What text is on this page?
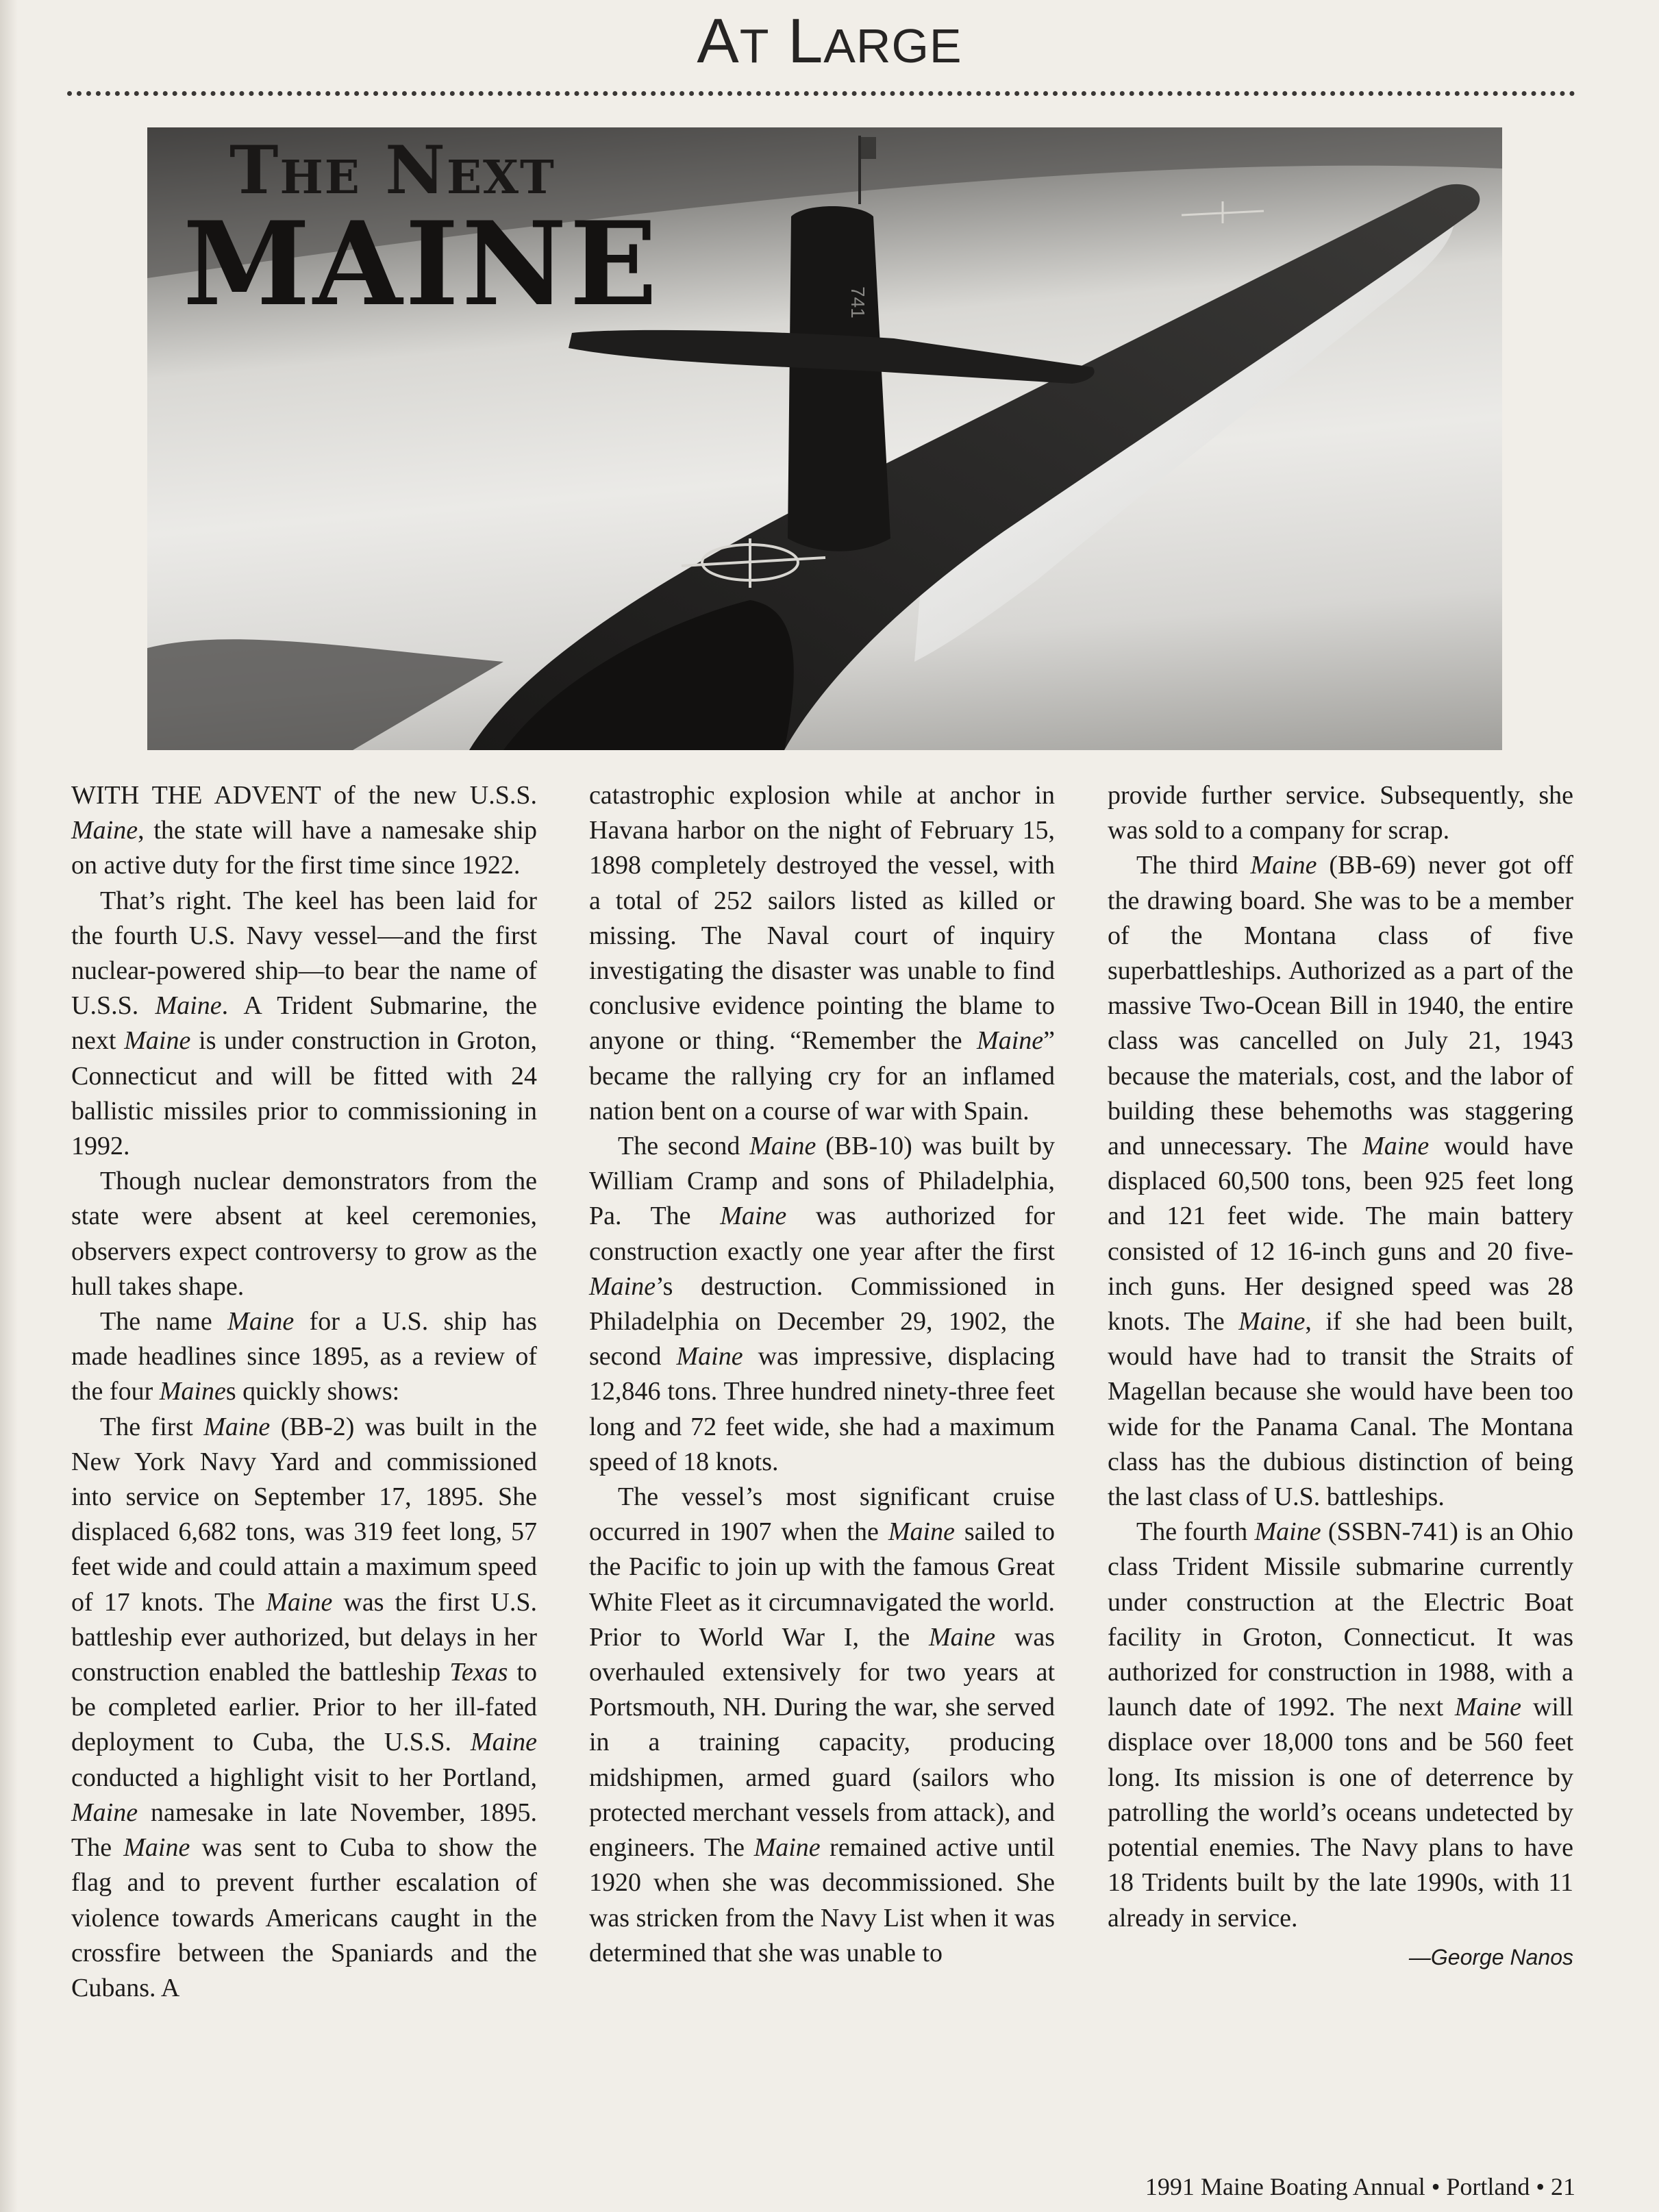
AT LARGE
741
The Next
MAINE

WITH THE ADVENT of the new U.S.S. Maine, the state will have a namesake ship on active duty for the first time since 1922.

That’s right. The keel has been laid for the fourth U.S. Navy vessel—and the first nuclear-powered ship—to bear the name of U.S.S. Maine. A Trident Submarine, the next Maine is under construction in Groton, Connecticut and will be fitted with 24 ballistic missiles prior to commissioning in 1992.

Though nuclear demonstrators from the state were absent at keel ceremonies, observers expect controversy to grow as the hull takes shape.

The name Maine for a U.S. ship has made headlines since 1895, as a review of the four Maines quickly shows:

The first Maine (BB-2) was built in the New York Navy Yard and commissioned into service on September 17, 1895. She displaced 6,682 tons, was 319 feet long, 57 feet wide and could attain a maximum speed of 17 knots. The Maine was the first U.S. battleship ever authorized, but delays in her construction enabled the battleship Texas to be completed earlier. Prior to her ill-fated deployment to Cuba, the U.S.S. Maine conducted a highlight visit to her Portland, Maine namesake in late November, 1895. The Maine was sent to Cuba to show the flag and to prevent further escalation of violence towards Americans caught in the crossfire between the Spaniards and the Cubans. A

catastrophic explosion while at anchor in Havana harbor on the night of February 15, 1898 completely destroyed the vessel, with a total of 252 sailors listed as killed or missing. The Naval court of inquiry investigating the disaster was unable to find conclusive evidence pointing the blame to anyone or thing. “Remember the Maine” became the rallying cry for an inflamed nation bent on a course of war with Spain.

The second Maine (BB-10) was built by William Cramp and sons of Philadelphia, Pa. The Maine was authorized for construction exactly one year after the first Maine’s destruction. Commissioned in Philadelphia on December 29, 1902, the second Maine was impressive, displacing 12,846 tons. Three hundred ninety-three feet long and 72 feet wide, she had a maximum speed of 18 knots.

The vessel’s most significant cruise occurred in 1907 when the Maine sailed to the Pacific to join up with the famous Great White Fleet as it circumnavigated the world. Prior to World War I, the Maine was overhauled extensively for two years at Portsmouth, NH. During the war, she served in a training capacity, producing midshipmen, armed guard (sailors who protected merchant vessels from attack), and engineers. The Maine remained active until 1920 when she was decommissioned. She was stricken from the Navy List when it was determined that she was unable to

provide further service. Subsequently, she was sold to a company for scrap.

The third Maine (BB-69) never got off the drawing board. She was to be a member of the Montana class of five superbattleships. Authorized as a part of the massive Two-Ocean Bill in 1940, the entire class was cancelled on July 21, 1943 because the materials, cost, and the labor of building these behemoths was staggering and unnecessary. The Maine would have displaced 60,500 tons, been 925 feet long and 121 feet wide. The main battery consisted of 12 16-inch guns and 20 five-inch guns. Her designed speed was 28 knots. The Maine, if she had been built, would have had to transit the Straits of Magellan because she would have been too wide for the Panama Canal. The Montana class has the dubious distinction of being the last class of U.S. battleships.

The fourth Maine (SSBN-741) is an Ohio class Trident Missile submarine currently under construction at the Electric Boat facility in Groton, Connecticut. It was authorized for construction in 1988, with a launch date of 1992. The next Maine will displace over 18,000 tons and be 560 feet long. Its mission is one of deterrence by patrolling the world’s oceans undetected by potential enemies. The Navy plans to have 18 Tridents built by the late 1990s, with 11 already in service.

—George Nanos
1991 Maine Boating Annual • Portland • 21
